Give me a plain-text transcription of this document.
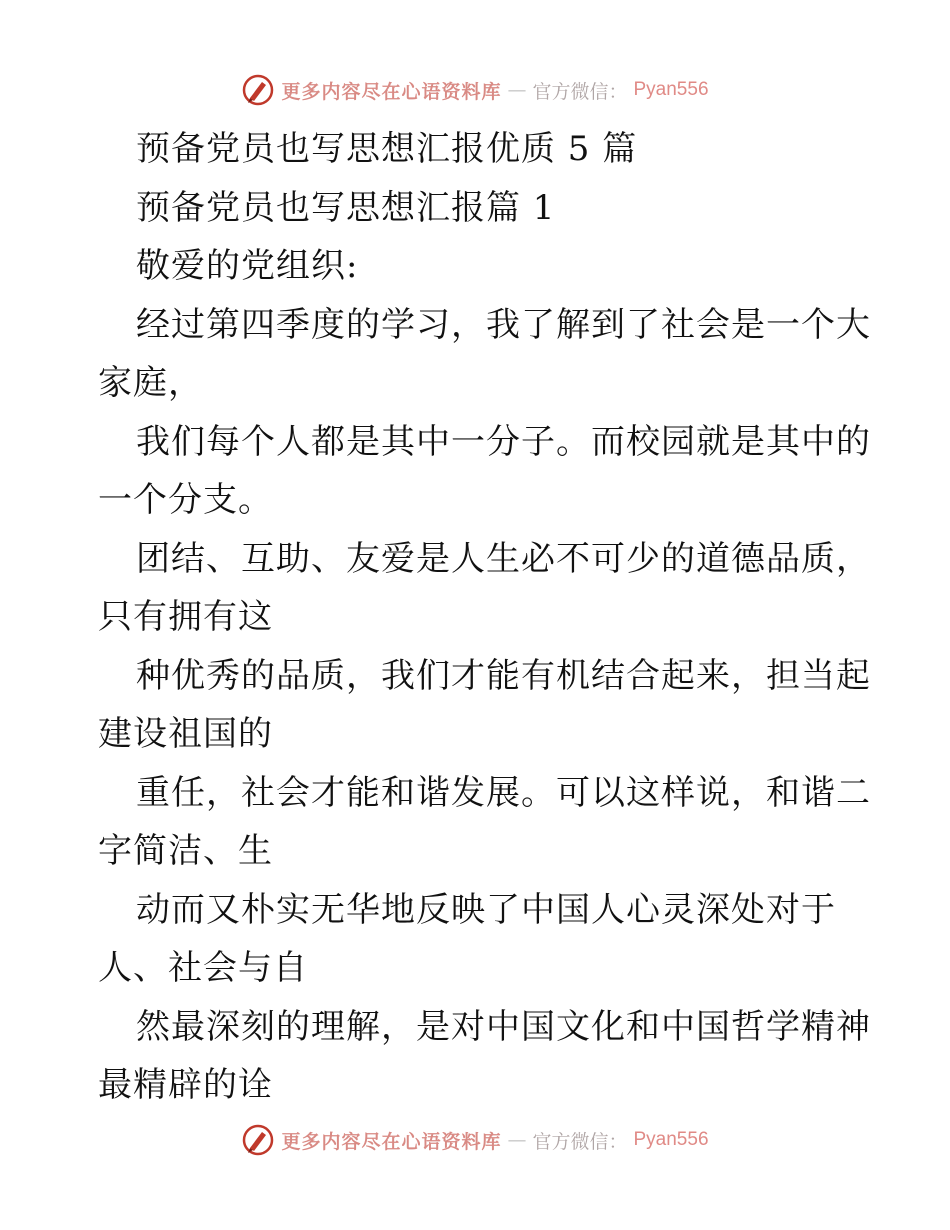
更多内容尽在心语资料库 — 官方微信： Pyan556
预备党员也写思想汇报优质 5 篇
预备党员也写思想汇报篇 1
敬爱的党组织:
经过第四季度的学习，我了解到了社会是一个大
家庭，
我们每个人都是其中一分子。而校园就是其中的
一个分支。
团结、互助、友爱是人生必不可少的道德品质，
只有拥有这
种优秀的品质，我们才能有机结合起来，担当起
建设祖国的
重任，社会才能和谐发展。可以这样说，和谐二
字简洁、生
动而又朴实无华地反映了中国人心灵深处对于
人、社会与自
然最深刻的理解，是对中国文化和中国哲学精神
最精辟的诠
更多内容尽在心语资料库 — 官方微信： Pyan556
